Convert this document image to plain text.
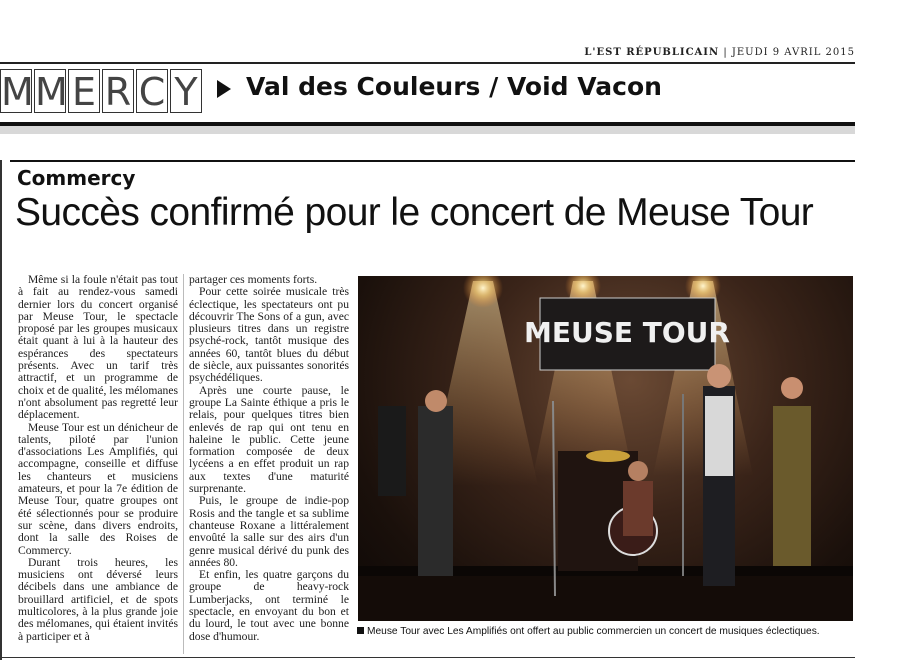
L'EST RÉPUBLICAIN | JEUDI 9 AVRIL 2015
M M E R C Y Val des Couleurs / Void Vacon
Commercy
Succès confirmé pour le concert de Meuse Tour

Même si la foule n'était pas tout à fait au rendez-vous samedi dernier lors du concert organisé par Meuse Tour, le spectacle proposé par les groupes musicaux était quant à lui à la hauteur des espérances des spectateurs présents. Avec un tarif très attractif, et un programme de choix et de qualité, les mélomanes n'ont absolument pas regretté leur déplacement.

Meuse Tour est un dénicheur de talents, piloté par l'union d'associations Les Amplifiés, qui accompagne, conseille et diffuse les chanteurs et musiciens amateurs, et pour la 7e édition de Meuse Tour, quatre groupes ont été sélectionnés pour se produire sur scène, dans divers endroits, dont la salle des Roises de Commercy.

Durant trois heures, les musiciens ont déversé leurs décibels dans une ambiance de brouillard artificiel, et de spots multicolores, à la plus grande joie des mélomanes, qui étaient invités à participer et à

partager ces moments forts.

Pour cette soirée musicale très éclectique, les spectateurs ont pu découvrir The Sons of a gun, avec plusieurs titres dans un registre psyché-rock, tantôt musique des années 60, tantôt blues du début de siècle, aux puissantes sonorités psychédéliques.

Après une courte pause, le groupe La Sainte éthique a pris le relais, pour quelques titres bien enlevés de rap qui ont tenu en haleine le public. Cette jeune formation composée de deux lycéens a en effet produit un rap aux textes d'une maturité surprenante.

Puis, le groupe de indie-pop Rosis and the tangle et sa sublime chanteuse Roxane a littéralement envoûté la salle sur des airs d'un genre musical dérivé du punk des années 80.

Et enfin, les quatre garçons du groupe de heavy-rock Lumberjacks, ont terminé le spectacle, en envoyant du bon et du lourd, le tout avec une bonne dose d'humour.

MEUSE TOUR
Meuse Tour avec Les Amplifiés ont offert au public commercien un concert de musiques éclectiques.
